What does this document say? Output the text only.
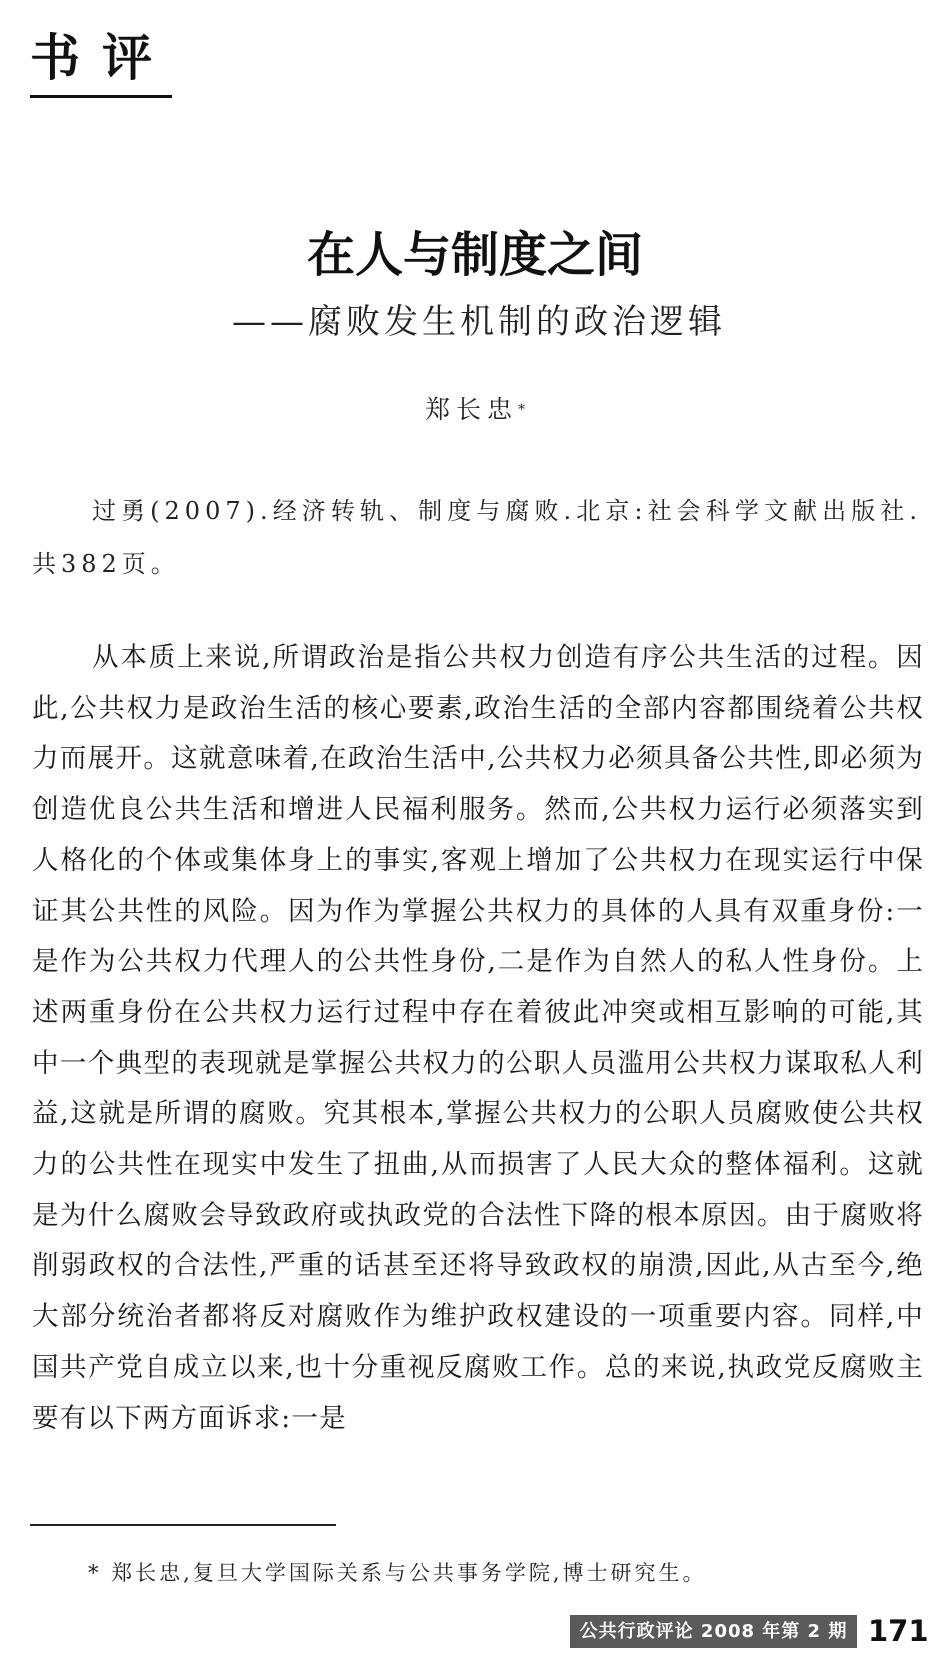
书评
在人与制度之间
——腐败发生机制的政治逻辑
郑长忠*

过勇(2007).经济转轨、制度与腐败.北京:社会科学文献出版社.共382页。

从本质上来说,所谓政治是指公共权力创造有序公共生活的过程。因此,公共权力是政治生活的核心要素,政治生活的全部内容都围绕着公共权力而展开。这就意味着,在政治生活中,公共权力必须具备公共性,即必须为创造优良公共生活和增进人民福利服务。然而,公共权力运行必须落实到人格化的个体或集体身上的事实,客观上增加了公共权力在现实运行中保证其公共性的风险。因为作为掌握公共权力的具体的人具有双重身份:一是作为公共权力代理人的公共性身份,二是作为自然人的私人性身份。上述两重身份在公共权力运行过程中存在着彼此冲突或相互影响的可能,其中一个典型的表现就是掌握公共权力的公职人员滥用公共权力谋取私人利益,这就是所谓的腐败。究其根本,掌握公共权力的公职人员腐败使公共权力的公共性在现实中发生了扭曲,从而损害了人民大众的整体福利。这就是为什么腐败会导致政府或执政党的合法性下降的根本原因。由于腐败将削弱政权的合法性,严重的话甚至还将导致政权的崩溃,因此,从古至今,绝大部分统治者都将反对腐败作为维护政权建设的一项重要内容。同样,中国共产党自成立以来,也十分重视反腐败工作。总的来说,执政党反腐败主要有以下两方面诉求:一是

* 郑长忠,复旦大学国际关系与公共事务学院,博士研究生。
公共行政评论 2008 年第 2 期 171
